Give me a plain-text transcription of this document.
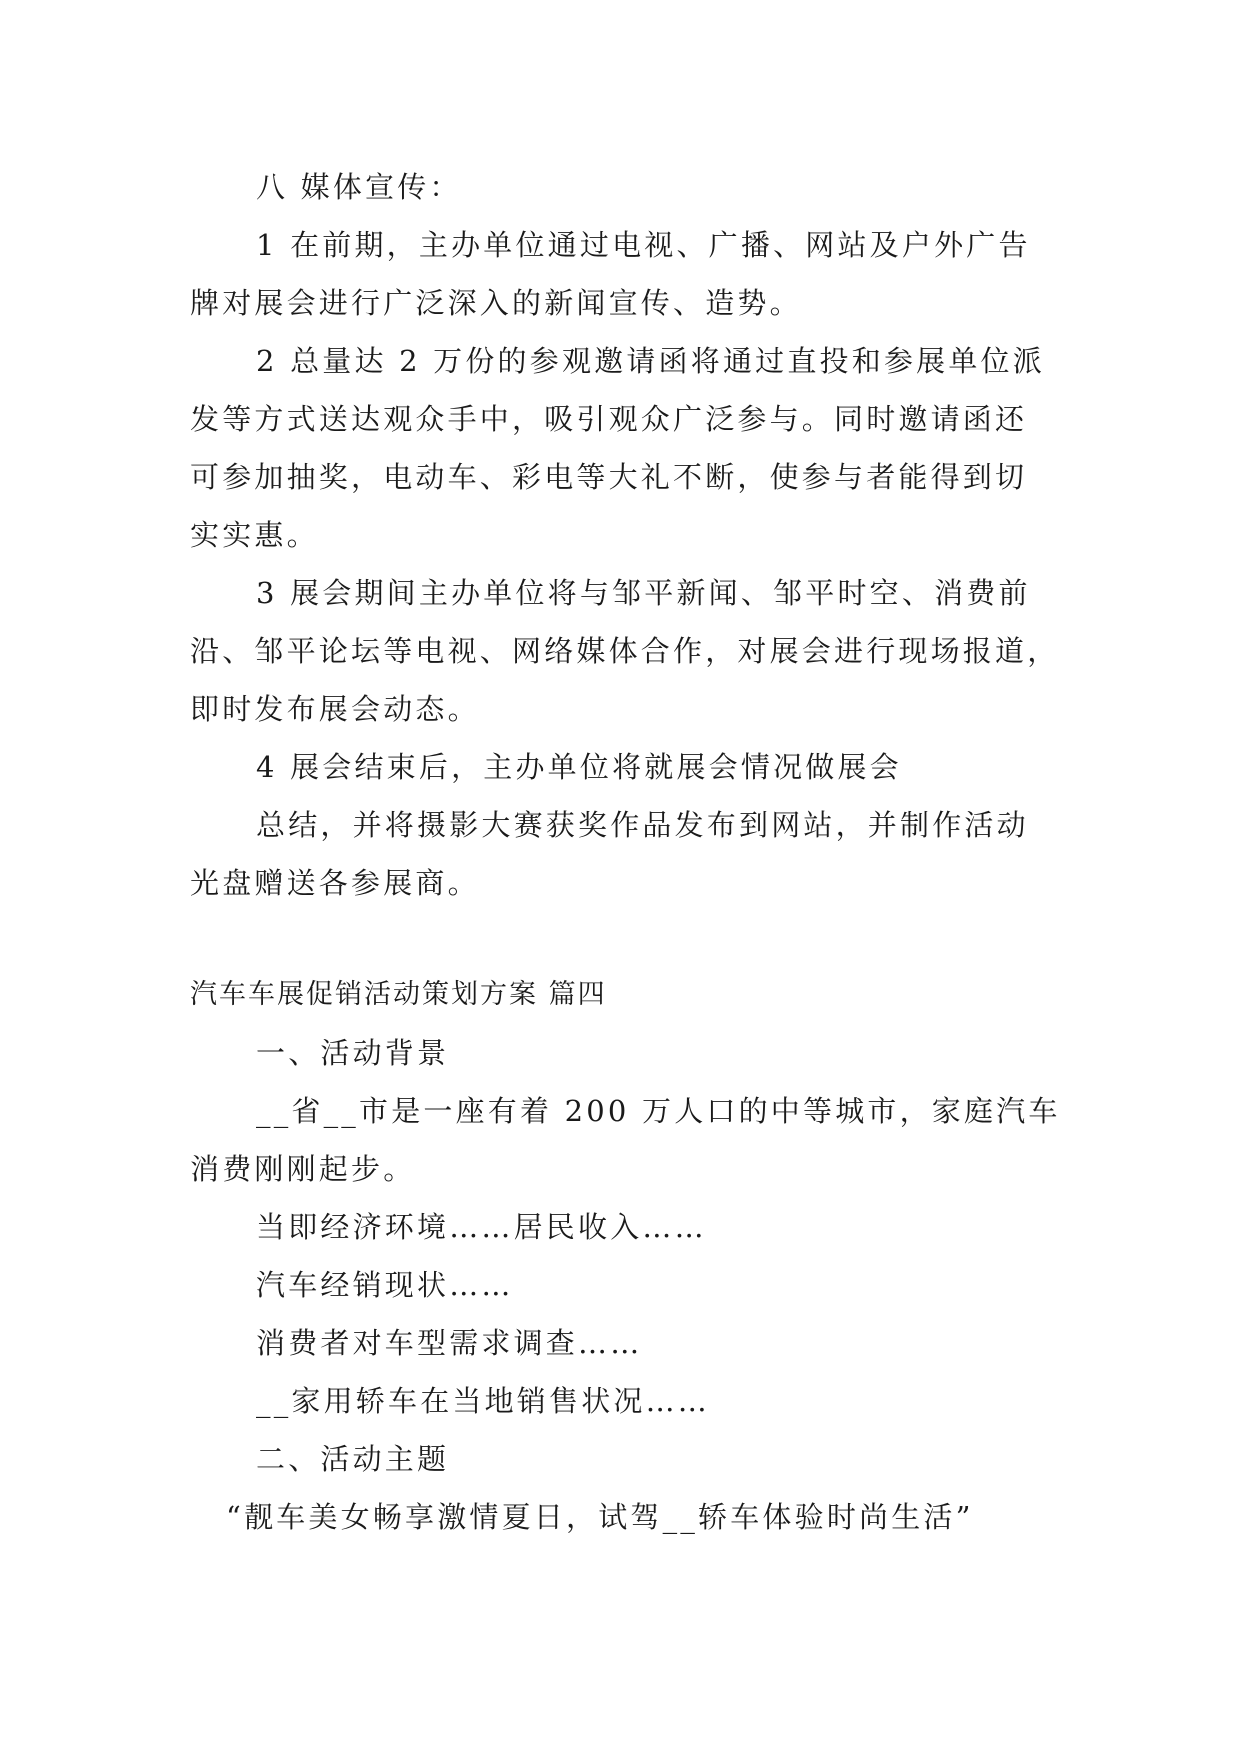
八 媒体宣传：
1 在前期，主办单位通过电视、广播、网站及户外广告
牌对展会进行广泛深入的新闻宣传、造势。
2 总量达 2 万份的参观邀请函将通过直投和参展单位派
发等方式送达观众手中，吸引观众广泛参与。同时邀请函还
可参加抽奖，电动车、彩电等大礼不断，使参与者能得到切
实实惠。
3 展会期间主办单位将与邹平新闻、邹平时空、消费前
沿、邹平论坛等电视、网络媒体合作，对展会进行现场报道，
即时发布展会动态。
4 展会结束后，主办单位将就展会情况做展会
总结，并将摄影大赛获奖作品发布到网站，并制作活动
光盘赠送各参展商。
汽车车展促销活动策划方案 篇四
一、活动背景
__省__市是一座有着 200 万人口的中等城市，家庭汽车
消费刚刚起步。
当即经济环境……居民收入……
汽车经销现状……
消费者对车型需求调查……
__家用轿车在当地销售状况……
二、活动主题
“靓车美女畅享激情夏日，试驾__轿车体验时尚生活”
